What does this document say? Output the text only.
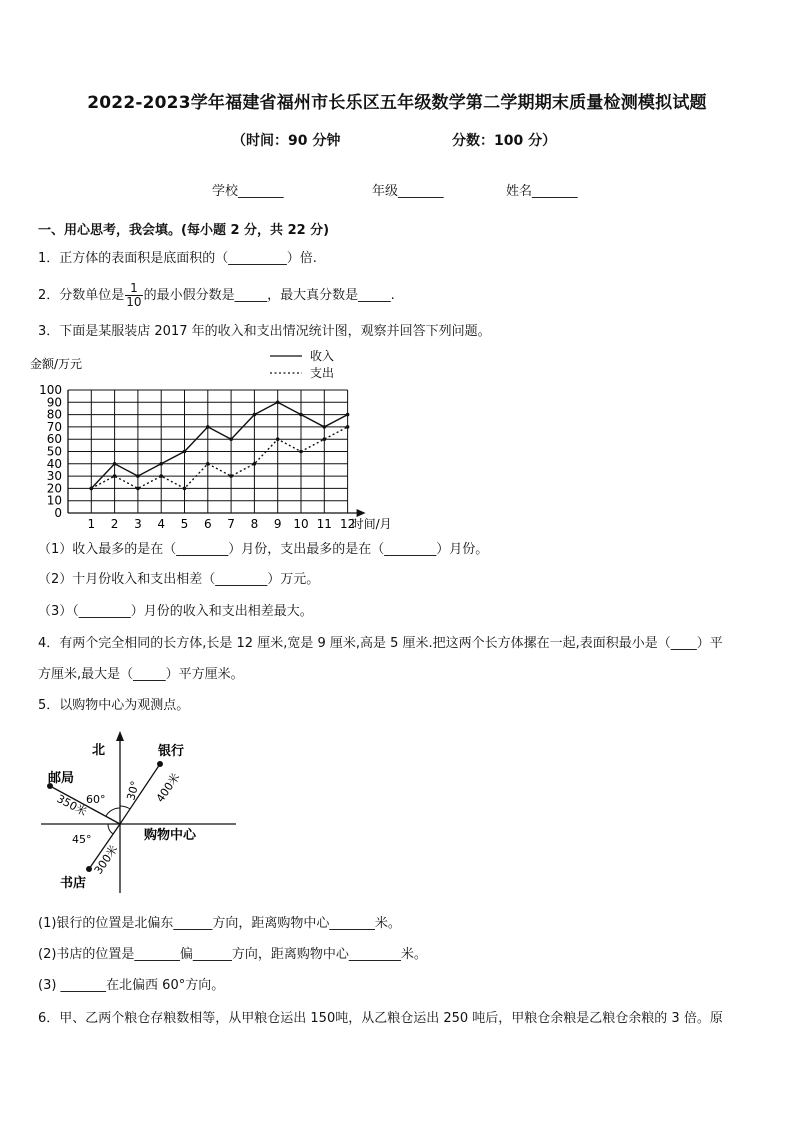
2022-2023学年福建省福州市长乐区五年级数学第二学期期末质量检测模拟试题
（时间：90 分钟	分数：100 分）
学校_______	年级_______	姓名_______
一、用心思考，我会填。(每小题 2 分，共 22 分)
1．正方体的表面积是底面积的（_________）倍.
2．分数单位是 $\frac{1}{10}$ 的最小假分数是_____，最大真分数是_____.
3．下面是某服装店 2017 年的收入和支出情况统计图，观察并回答下列问题。
0
10
20
30
40
50
60
70
80
90
100
1 2 3 4 5 6 7 8 9 10 11 12
金额/万元
时间/月
收入
支出
（1）收入最多的是在（________）月份，支出最多的是在（________）月份。
（2）十月份收入和支出相差（________）万元。
（3）（________）月份的收入和支出相差最大。
4．有两个完全相同的长方体,长是 12 厘米,宽是 9 厘米,高是 5 厘米.把这两个长方体摞在一起,表面积最小是（____）平
方厘米,最大是（_____）平方厘米。
5．以购物中心为观测点。
北	银行
邮局
书店
购物中心
60°
45°
30° 400米
350米
300米
(1)银行的位置是北偏东______方向，距离购物中心_______米。
(2)书店的位置是_______偏______方向，距离购物中心________米。
(3) _______在北偏西 60°方向。
6．甲、乙两个粮仓存粮数相等，从甲粮仓运出 150吨，从乙粮仓运出 250 吨后，甲粮仓余粮是乙粮仓余粮的 3 倍。原
